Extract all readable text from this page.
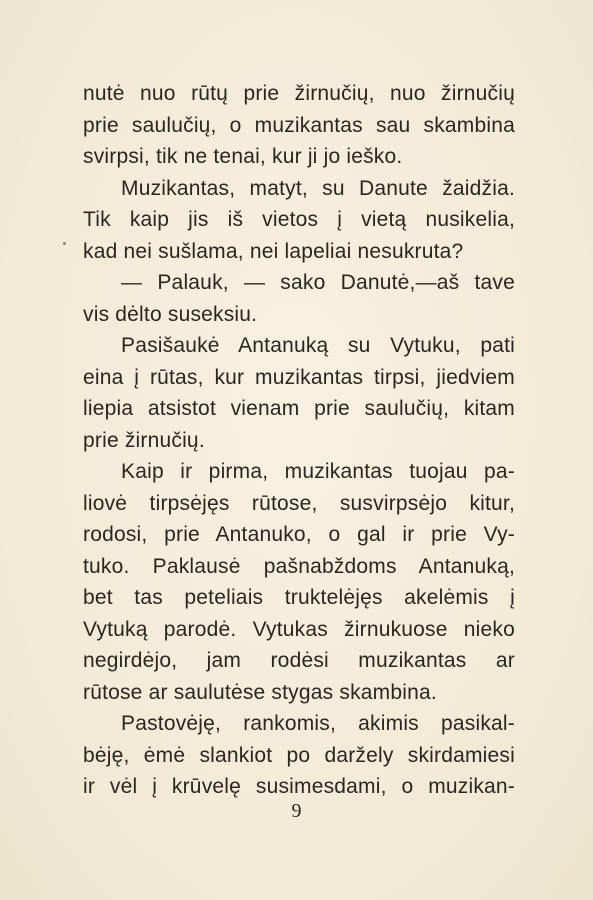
nutė nuo rūtų prie žirnučių, nuo žirnučių
prie saulučių, o muzikantas sau skambina
svirpsi, tik ne tenai, kur ji jo ieško.
Muzikantas, matyt, su Danute žaidžia.
Tik kaip jis iš vietos į vietą nusikelia,
kad nei sušlama, nei lapeliai nesukruta?
— Palauk, — sako Danutė,—aš tave
vis dėlto suseksiu.
Pasišaukė Antanuką su Vytuku, pati
eina į rūtas, kur muzikantas tirpsi, jiedviem
liepia atsistot vienam prie saulučių, kitam
prie žirnučių.
Kaip ir pirma, muzikantas tuojau pa-
liovė tirpsėjęs rūtose, susvirpsėjo kitur,
rodosi, prie Antanuko, o gal ir prie Vy-
tuko. Paklausė pašnabždoms Antanuką,
bet tas peteliais truktelėjęs akelėmis į
Vytuką parodė. Vytukas žirnukuose nieko
negirdėjo, jam rodėsi muzikantas ar
rūtose ar saulutėse stygas skambina.
Pastovėję, rankomis, akimis pasikal-
bėję, ėmė slankiot po daržely skirdamiesi
ir vėl į krūvelę susimesdami, o muzikan-
9
